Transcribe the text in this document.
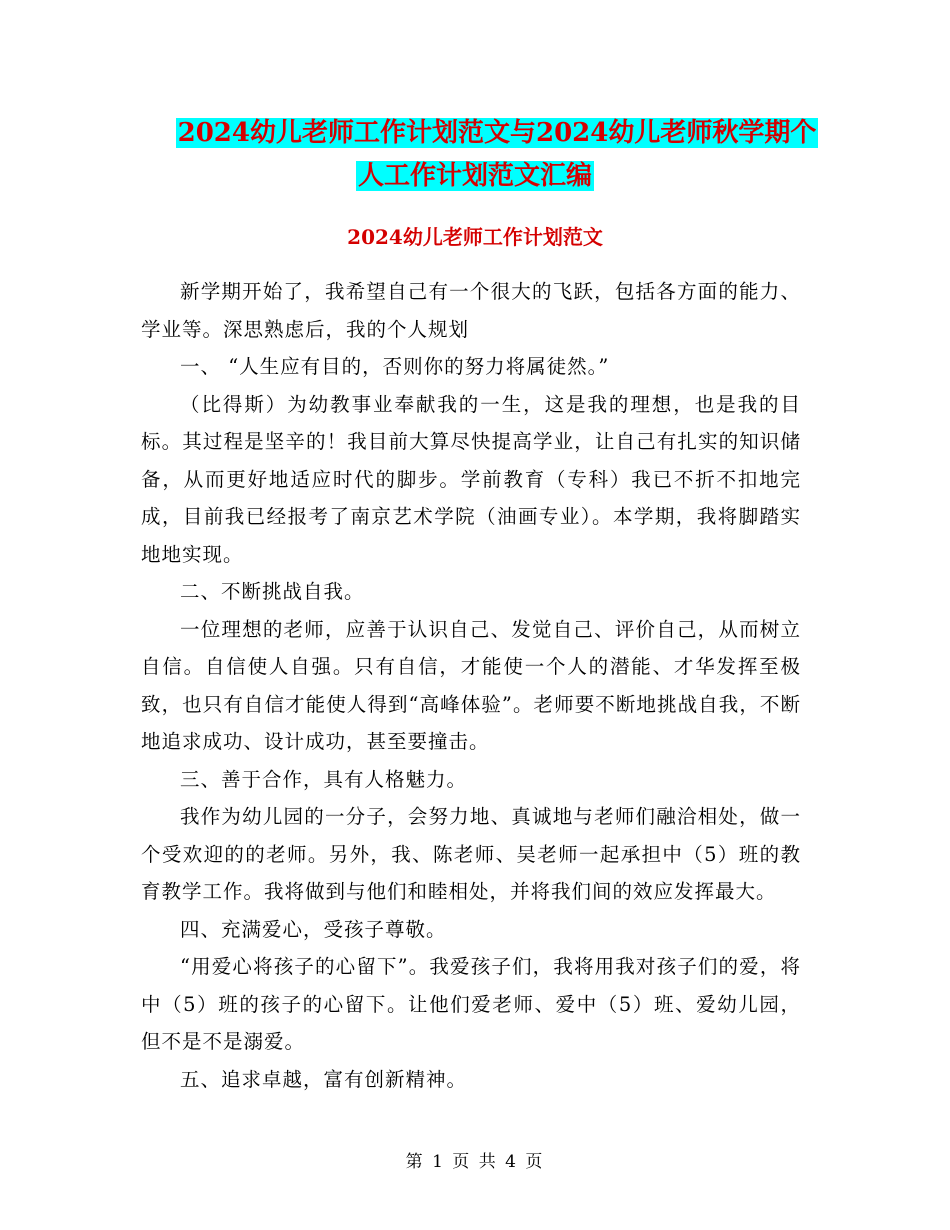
2024幼儿老师工作计划范文与2024幼儿老师秋学期个
人工作计划范文汇编
2024幼儿老师工作计划范文

新学期开始了，我希望自己有一个很大的飞跃，包括各方面的能力、学业等。深思熟虑后，我的个人规划

一、 “人生应有目的，否则你的努力将属徒然。”

（比得斯）为幼教事业奉献我的一生，这是我的理想，也是我的目标。其过程是坚辛的！我目前大算尽快提高学业，让自己有扎实的知识储备，从而更好地适应时代的脚步。学前教育（专科）我已不折不扣地完成，目前我已经报考了南京艺术学院（油画专业）。本学期，我将脚踏实地地实现。

二、不断挑战自我。

一位理想的老师，应善于认识自己、发觉自己、评价自己，从而树立自信。自信使人自强。只有自信，才能使一个人的潜能、才华发挥至极致，也只有自信才能使人得到“高峰体验”。老师要不断地挑战自我，不断地追求成功、设计成功，甚至要撞击。

三、善于合作，具有人格魅力。

我作为幼儿园的一分子，会努力地、真诚地与老师们融洽相处，做一个受欢迎的的老师。另外，我、陈老师、吴老师一起承担中（5）班的教育教学工作。我将做到与他们和睦相处，并将我们间的效应发挥最大。

四、充满爱心，受孩子尊敬。

“用爱心将孩子的心留下”。我爱孩子们，我将用我对孩子们的爱，将中（5）班的孩子的心留下。让他们爱老师、爱中（5）班、爱幼儿园，但不是不是溺爱。

五、追求卓越，富有创新精神。

第 1 页 共 4 页
